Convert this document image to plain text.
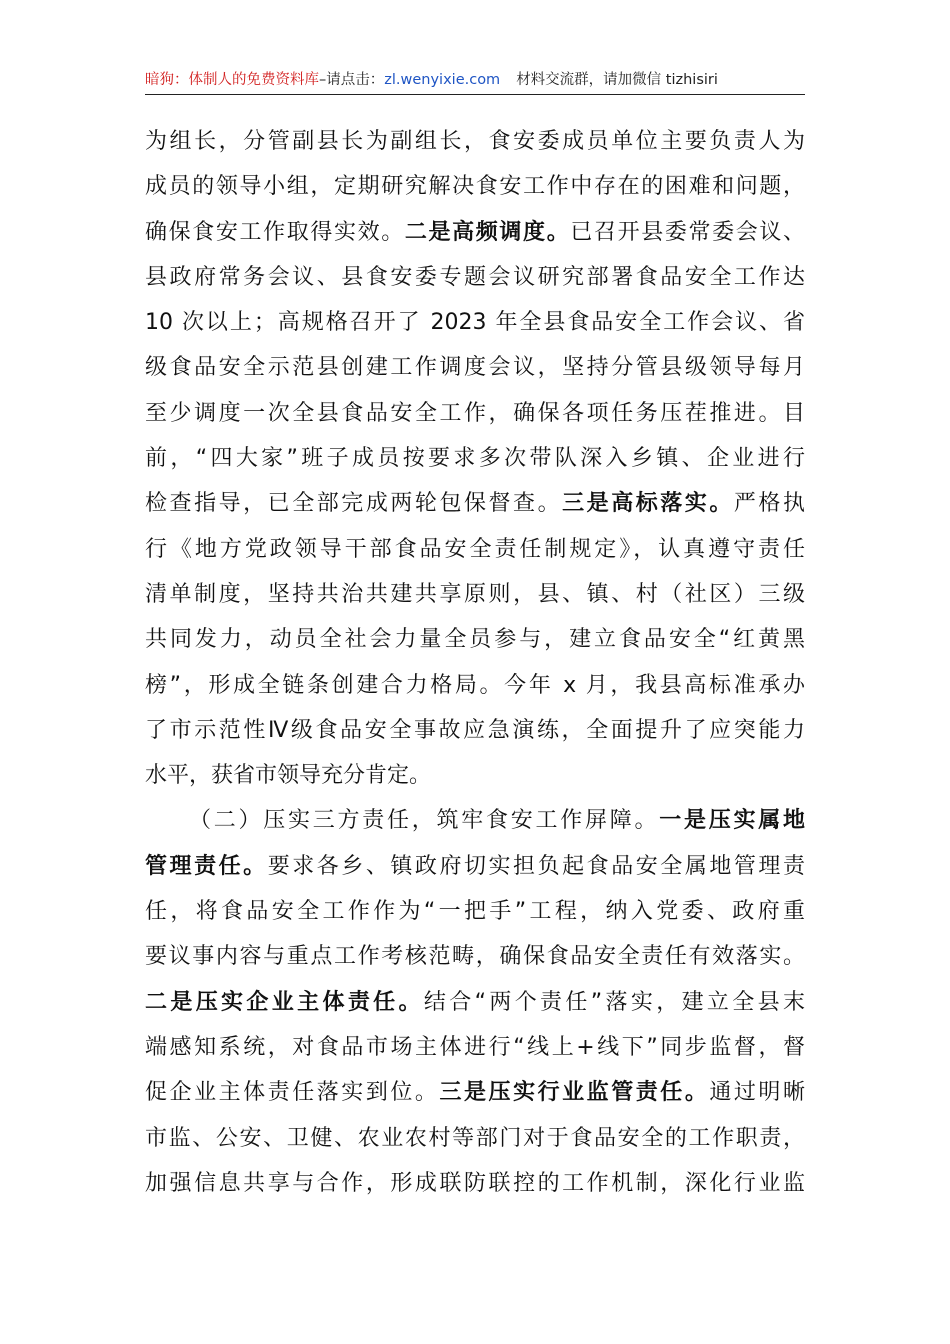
暗狗：体制人的免费资料库–请点击：zl.wenyixie.com 材料交流群，请加微信 tizhisiri
为组长，分管副县长为副组长，食安委成员单位主要负责人为
成员的领导小组，定期研究解决食安工作中存在的困难和问题，
确保食安工作取得实效。二是高频调度。已召开县委常委会议、
县政府常务会议、县食安委专题会议研究部署食品安全工作达
10 次以上；高规格召开了 2023 年全县食品安全工作会议、省
级食品安全示范县创建工作调度会议，坚持分管县级领导每月
至少调度一次全县食品安全工作，确保各项任务压茬推进。目
前，“四大家”班子成员按要求多次带队深入乡镇、企业进行
检查指导，已全部完成两轮包保督查。三是高标落实。严格执
行《地方党政领导干部食品安全责任制规定》，认真遵守责任
清单制度，坚持共治共建共享原则，县、镇、村（社区）三级
共同发力，动员全社会力量全员参与，建立食品安全“红黄黑
榜”，形成全链条创建合力格局。今年 x 月，我县高标准承办
了市示范性Ⅳ级食品安全事故应急演练，全面提升了应突能力
水平，获省市领导充分肯定。
（二）压实三方责任，筑牢食安工作屏障。一是压实属地
管理责任。要求各乡、镇政府切实担负起食品安全属地管理责
任，将食品安全工作作为“一把手”工程，纳入党委、政府重
要议事内容与重点工作考核范畴，确保食品安全责任有效落实。
二是压实企业主体责任。结合“两个责任”落实，建立全县末
端感知系统，对食品市场主体进行“线上+线下”同步监督，督
促企业主体责任落实到位。三是压实行业监管责任。通过明晰
市监、公安、卫健、农业农村等部门对于食品安全的工作职责，
加强信息共享与合作，形成联防联控的工作机制，深化行业监
